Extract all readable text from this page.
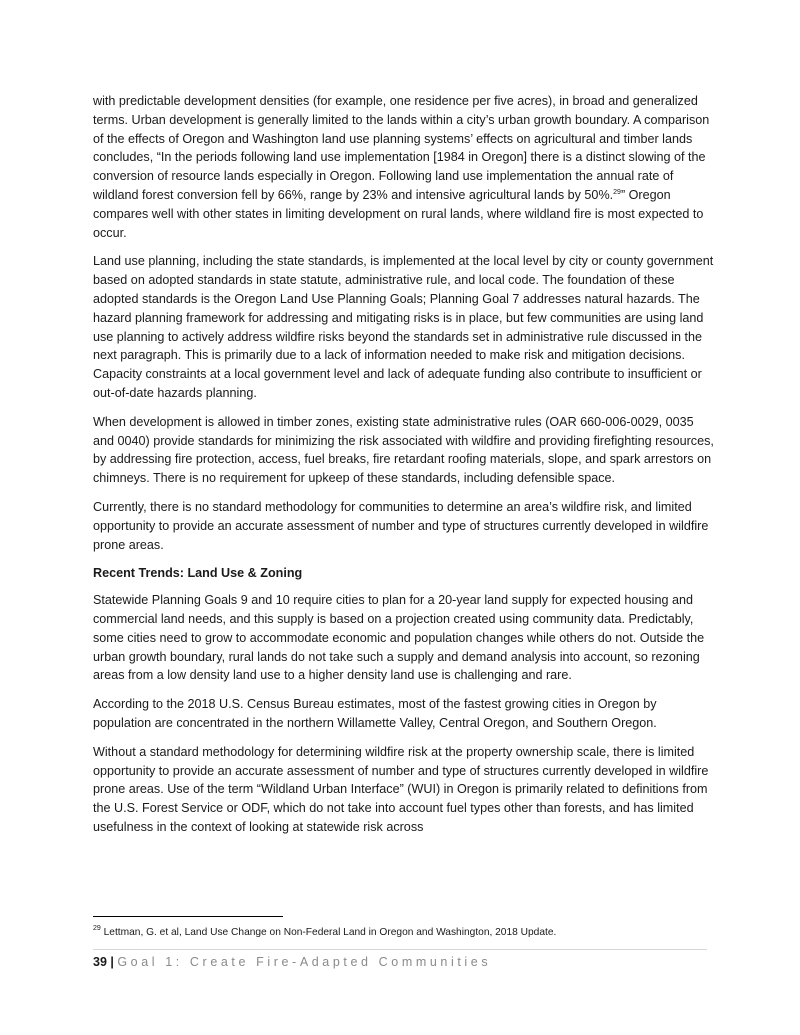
with predictable development densities (for example, one residence per five acres), in broad and generalized terms. Urban development is generally limited to the lands within a city’s urban growth boundary. A comparison of the effects of Oregon and Washington land use planning systems’ effects on agricultural and timber lands concludes, “In the periods following land use implementation [1984 in Oregon] there is a distinct slowing of the conversion of resource lands especially in Oregon. Following land use implementation the annual rate of wildland forest conversion fell by 66%, range by 23% and intensive agricultural lands by 50%.$^{29}$” Oregon compares well with other states in limiting development on rural lands, where wildland fire is most expected to occur.

Land use planning, including the state standards, is implemented at the local level by city or county government based on adopted standards in state statute, administrative rule, and local code. The foundation of these adopted standards is the Oregon Land Use Planning Goals; Planning Goal 7 addresses natural hazards. The hazard planning framework for addressing and mitigating risks is in place, but few communities are using land use planning to actively address wildfire risks beyond the standards set in administrative rule discussed in the next paragraph. This is primarily due to a lack of information needed to make risk and mitigation decisions. Capacity constraints at a local government level and lack of adequate funding also contribute to insufficient or out-of-date hazards planning.

When development is allowed in timber zones, existing state administrative rules (OAR 660-006-0029, 0035 and 0040) provide standards for minimizing the risk associated with wildfire and providing firefighting resources, by addressing fire protection, access, fuel breaks, fire retardant roofing materials, slope, and spark arrestors on chimneys. There is no requirement for upkeep of these standards, including defensible space.

Currently, there is no standard methodology for communities to determine an area’s wildfire risk, and limited opportunity to provide an accurate assessment of number and type of structures currently developed in wildfire prone areas.

Recent Trends: Land Use & Zoning

Statewide Planning Goals 9 and 10 require cities to plan for a 20-year land supply for expected housing and commercial land needs, and this supply is based on a projection created using community data. Predictably, some cities need to grow to accommodate economic and population changes while others do not. Outside the urban growth boundary, rural lands do not take such a supply and demand analysis into account, so rezoning areas from a low density land use to a higher density land use is challenging and rare.

According to the 2018 U.S. Census Bureau estimates, most of the fastest growing cities in Oregon by population are concentrated in the northern Willamette Valley, Central Oregon, and Southern Oregon.

Without a standard methodology for determining wildfire risk at the property ownership scale, there is limited opportunity to provide an accurate assessment of number and type of structures currently developed in wildfire prone areas. Use of the term “Wildland Urban Interface” (WUI) in Oregon is primarily related to definitions from the U.S. Forest Service or ODF, which do not take into account fuel types other than forests, and has limited usefulness in the context of looking at statewide risk across

$^{29}$ Lettman, G. et al, Land Use Change on Non-Federal Land in Oregon and Washington, 2018 Update.
39 | Goal 1: Create Fire-Adapted Communities
